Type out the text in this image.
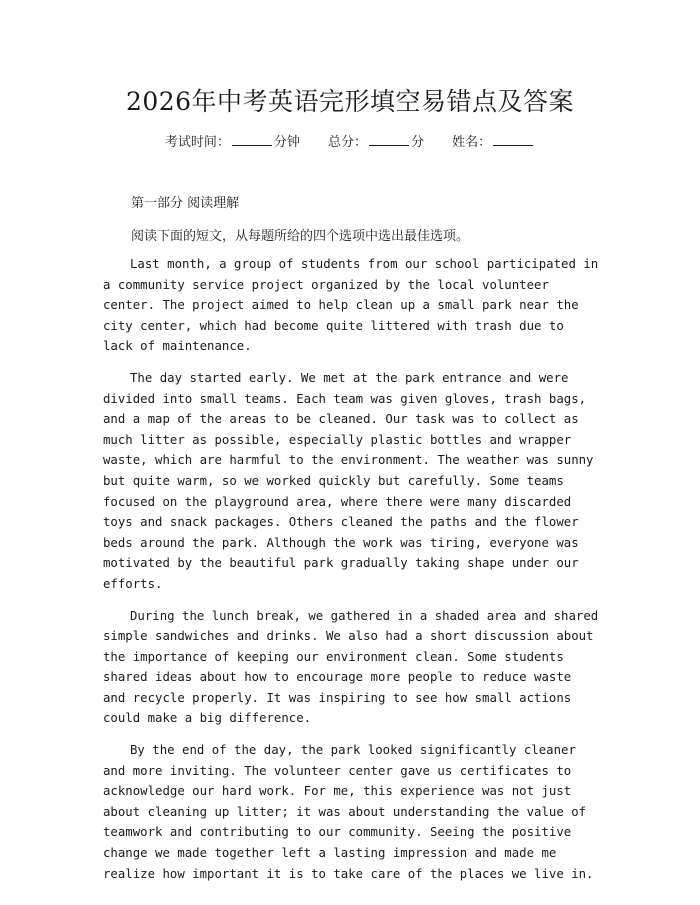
2026年中考英语完形填空易错点及答案
考试时间：	分钟 总分：	分 姓名：
第一部分 阅读理解
阅读下面的短文，从每题所给的四个选项中选出最佳选项。

Last month, a group of students from our school participated in a community service project organized by the local volunteer center. The project aimed to help clean up a small park near the city center, which had become quite littered with trash due to lack of maintenance.

The day started early. We met at the park entrance and were divided into small teams. Each team was given gloves, trash bags, and a map of the areas to be cleaned. Our task was to collect as much litter as possible, especially plastic bottles and wrapper waste, which are harmful to the environment. The weather was sunny but quite warm, so we worked quickly but carefully. Some teams focused on the playground area, where there were many discarded toys and snack packages. Others cleaned the paths and the flower beds around the park. Although the work was tiring, everyone was motivated by the beautiful park gradually taking shape under our efforts.

During the lunch break, we gathered in a shaded area and shared simple sandwiches and drinks. We also had a short discussion about the importance of keeping our environment clean. Some students shared ideas about how to encourage more people to reduce waste and recycle properly. It was inspiring to see how small actions could make a big difference.

By the end of the day, the park looked significantly cleaner and more inviting. The volunteer center gave us certificates to acknowledge our hard work. For me, this experience was not just about cleaning up litter; it was about understanding the value of teamwork and contributing to our community. Seeing the positive change we made together left a lasting impression and made me realize how important it is to take care of the places we live in.
